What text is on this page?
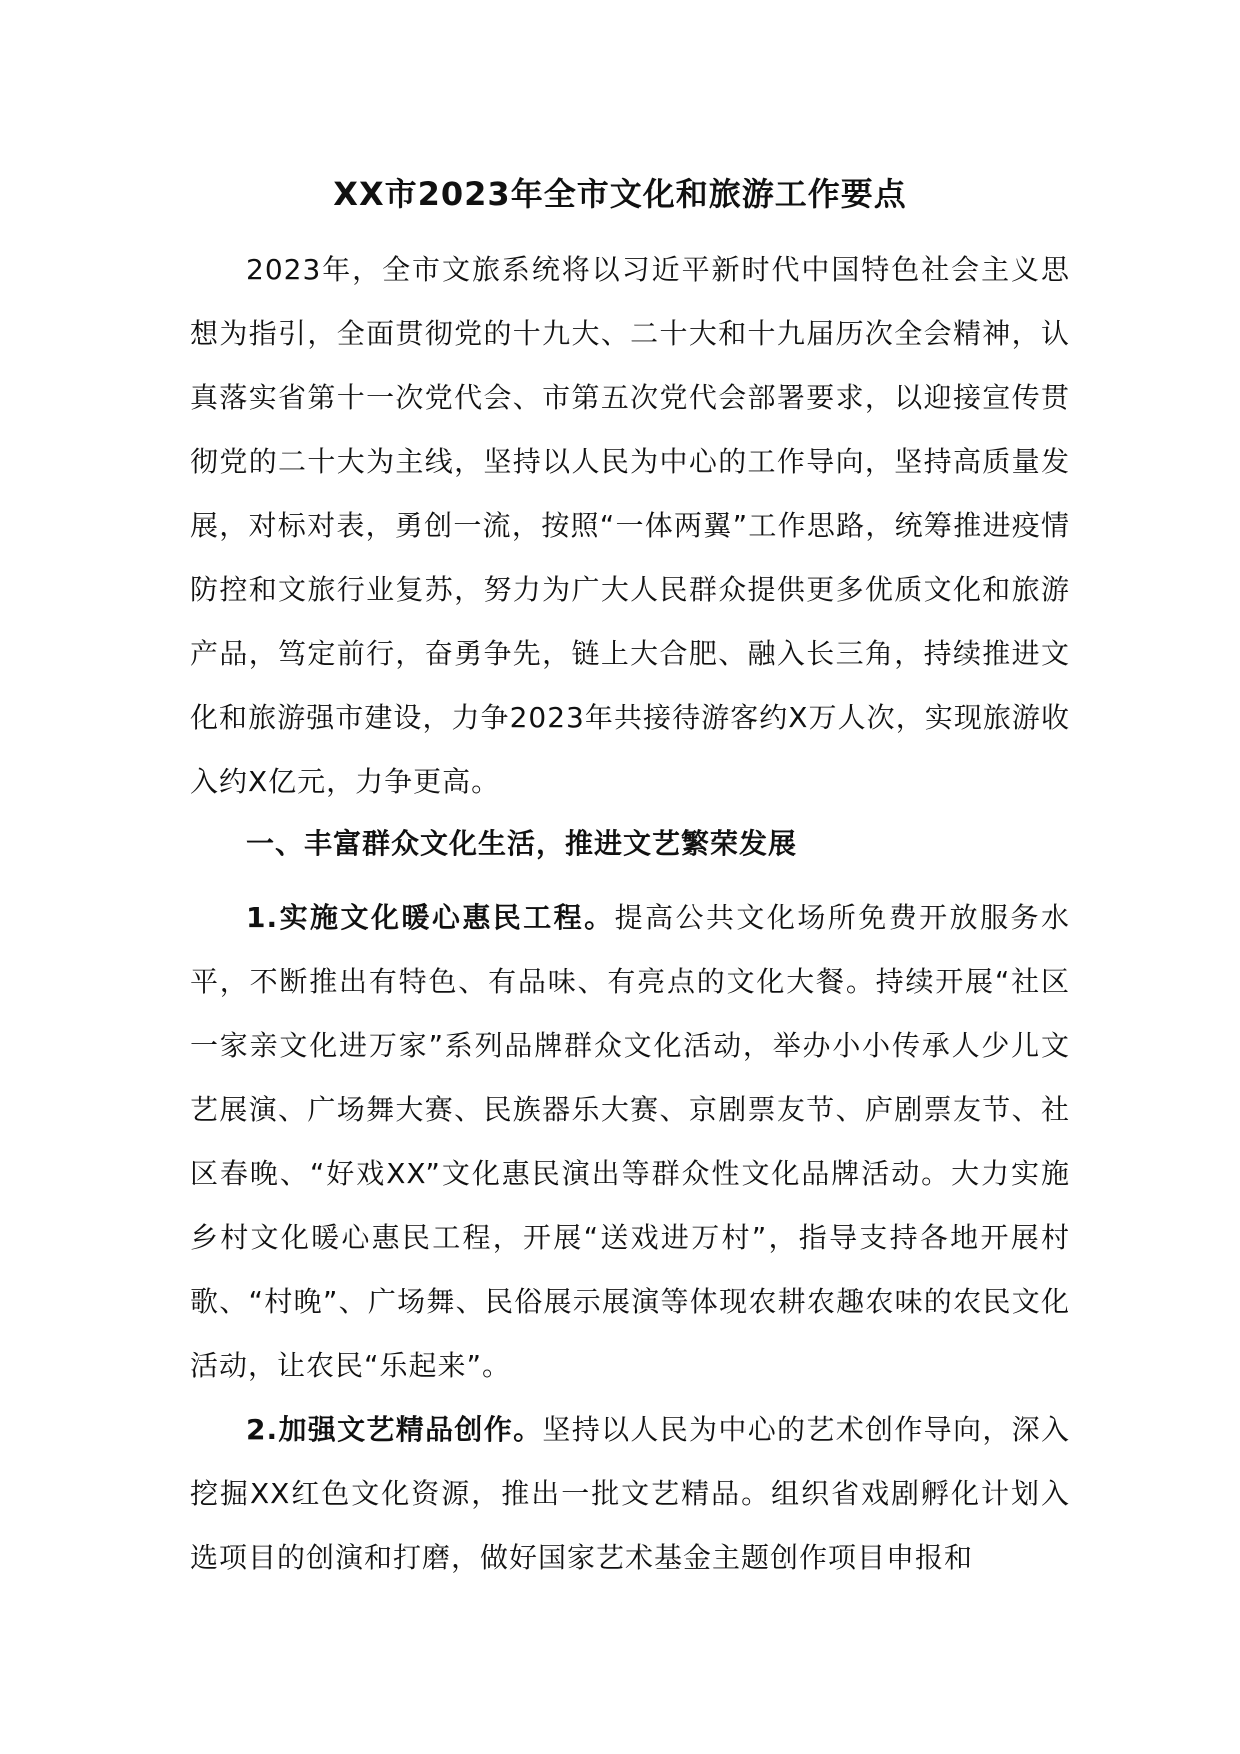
XX市2023年全市文化和旅游工作要点
2023年，全市文旅系统将以习近平新时代中国特色社会主义思想为指引，全面贯彻党的十九大、二十大和十九届历次全会精神，认真落实省第十一次党代会、市第五次党代会部署要求，以迎接宣传贯彻党的二十大为主线，坚持以人民为中心的工作导向，坚持高质量发展，对标对表，勇创一流，按照“一体两翼”工作思路，统筹推进疫情防控和文旅行业复苏，努力为广大人民群众提供更多优质文化和旅游产品，笃定前行，奋勇争先，链上大合肥、融入长三角，持续推进文化和旅游强市建设，力争2023年共接待游客约X万人次，实现旅游收入约X亿元，力争更高。
一、丰富群众文化生活，推进文艺繁荣发展
1.实施文化暖心惠民工程。提高公共文化场所免费开放服务水平，不断推出有特色、有品味、有亮点的文化大餐。持续开展“社区一家亲文化进万家”系列品牌群众文化活动，举办小小传承人少儿文艺展演、广场舞大赛、民族器乐大赛、京剧票友节、庐剧票友节、社区春晚、“好戏XX”文化惠民演出等群众性文化品牌活动。大力实施乡村文化暖心惠民工程，开展“送戏进万村”，指导支持各地开展村歌、“村晚”、广场舞、民俗展示展演等体现农耕农趣农味的农民文化活动，让农民“乐起来”。
2.加强文艺精品创作。坚持以人民为中心的艺术创作导向，深入挖掘XX红色文化资源，推出一批文艺精品。组织省戏剧孵化计划入选项目的创演和打磨，做好国家艺术基金主题创作项目申报和
